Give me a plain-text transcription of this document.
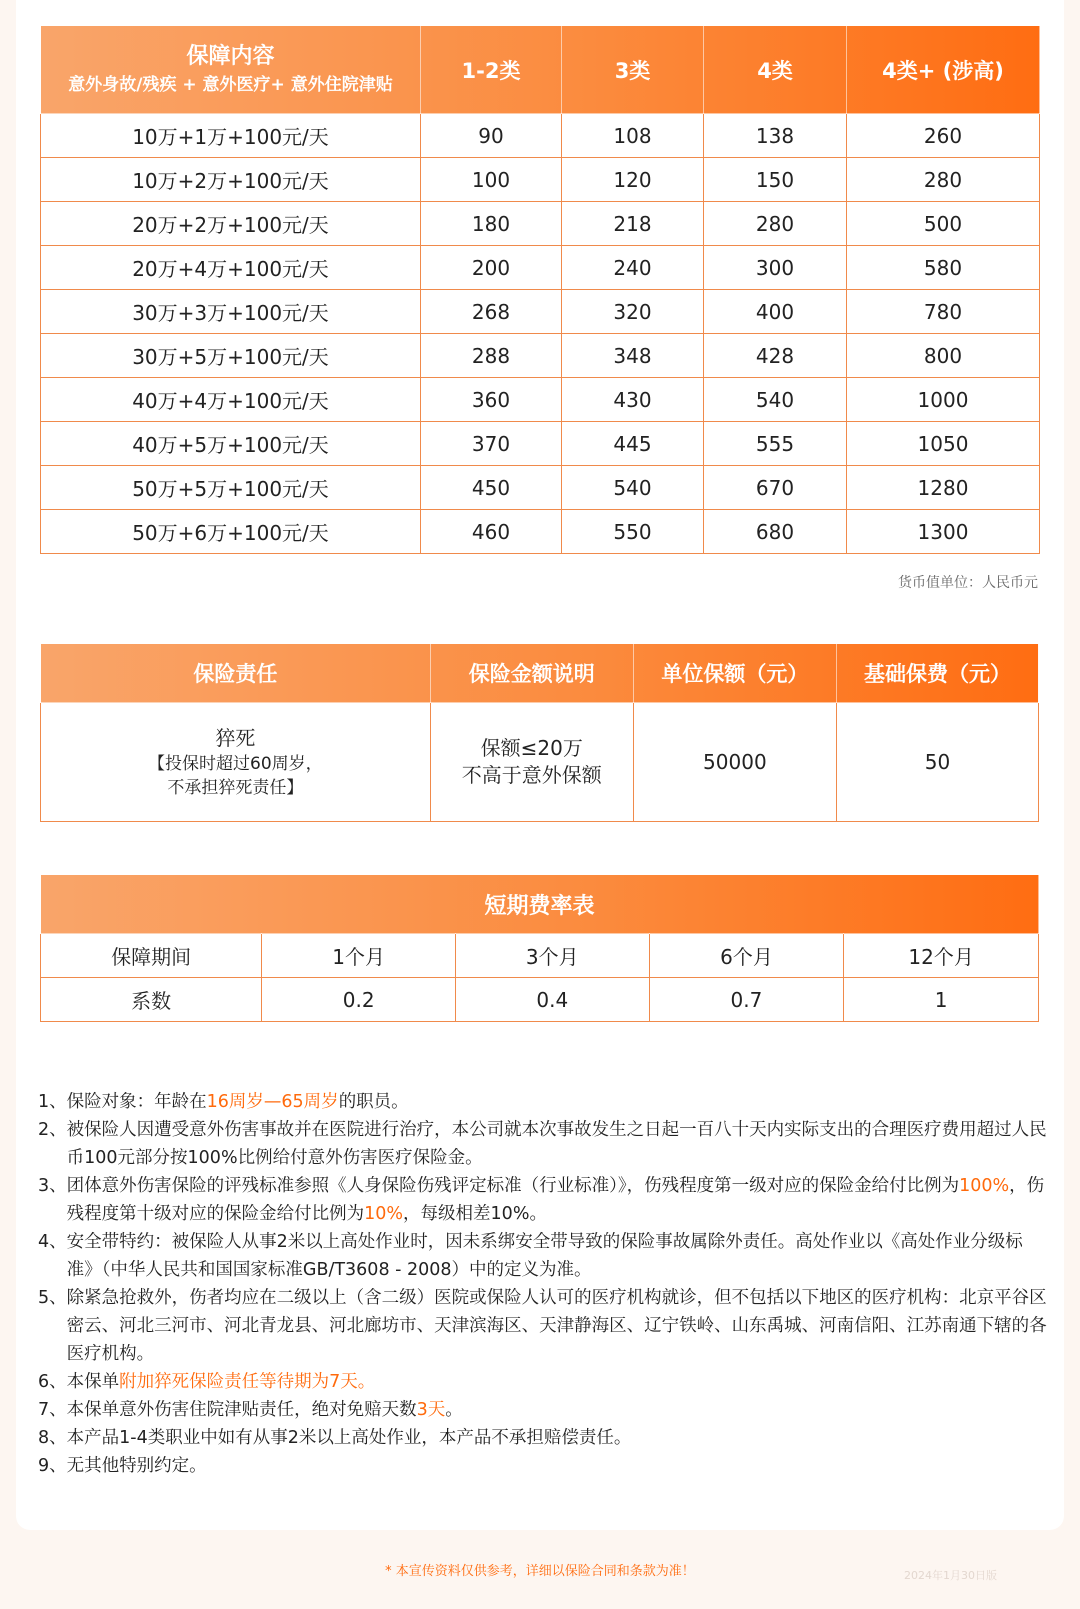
保障内容
意外身故/残疾 + 意外医疗+ 意外住院津贴	1-2类	3类	4类	4类+ (涉高)
10万+1万+100元/天	90	108	138	260
10万+2万+100元/天	100	120	150	280
20万+2万+100元/天	180	218	280	500
20万+4万+100元/天	200	240	300	580
30万+3万+100元/天	268	320	400	780
30万+5万+100元/天	288	348	428	800
40万+4万+100元/天	360	430	540	1000
40万+5万+100元/天	370	445	555	1050
50万+5万+100元/天	450	540	670	1280
50万+6万+100元/天	460	550	680	1300
货币值单位：人民币元
保险责任	保险金额说明	单位保额（元）	基础保费（元）

猝死
【投保时超过60周岁，
不承担猝死责任】	保额≤20万
不高于意外保额	50000	50
短期费率表				
保障期间	1个月	3个月	6个月	12个月
系数	0.2	0.4	0.7	1
1、 保险对象：年龄在16周岁—65周岁的职员。
2、 被保险人因遭受意外伤害事故并在医院进行治疗，本公司就本次事故发生之日起一百八十天内实际支出的合理医疗费用超过人民币100元部分按100%比例给付意外伤害医疗保险金。
3、 团体意外伤害保险的评残标准参照《人身保险伤残评定标准（行业标准）》，伤残程度第一级对应的保险金给付比例为100%，伤残程度第十级对应的保险金给付比例为10%，每级相差10%。
4、 安全带特约：被保险人从事2米以上高处作业时，因未系绑安全带导致的保险事故属除外责任。高处作业以《高处作业分级标准》（中华人民共和国国家标准GB/T3608 - 2008）中的定义为准。
5、 除紧急抢救外，伤者均应在二级以上（含二级）医院或保险人认可的医疗机构就诊，但不包括以下地区的医疗机构：北京平谷区密云、河北三河市、河北青龙县、河北廊坊市、天津滨海区、天津静海区、辽宁铁岭、山东禹城、河南信阳、江苏南通下辖的各医疗机构。
6、 本保单附加猝死保险责任等待期为7天。
7、 本保单意外伤害住院津贴责任，绝对免赔天数3天。
8、 本产品1-4类职业中如有从事2米以上高处作业，本产品不承担赔偿责任。
9、 无其他特别约定。
* 本宣传资料仅供参考，详细以保险合同和条款为准！	2024年1月30日版
